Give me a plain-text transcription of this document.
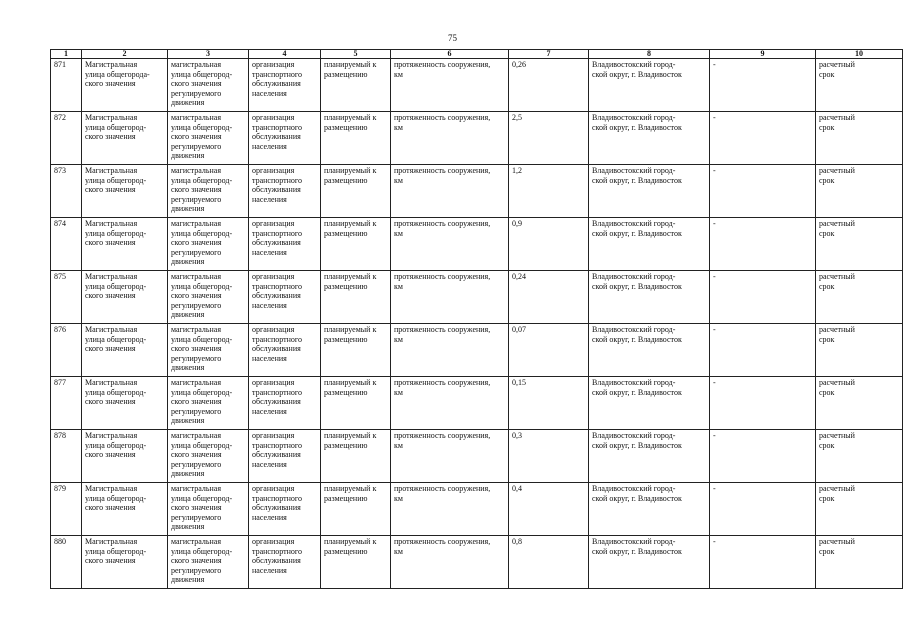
75
1	2	3	4	5	6	7	8	9	10
871	Магистральная
улица общегорода-
ского значения	магистральная
улица общегород-
ского значения
регулируемого
движения	организация
транспортного
обслуживания
населения	планируемый к
размещению	протяженность сооружения,
км	0,26	Владивостокский город-
ской округ, г. Владивосток	-	расчетный
срок

872	Магистральная
улица общегород-
ского значения	магистральная
улица общегород-
ского значения
регулируемого
движения	организация
транспортного
обслуживания
населения	планируемый к
размещению	протяженность сооружения,
км	2,5	Владивостокский город-
ской округ, г. Владивосток	-	расчетный
срок

873	Магистральная
улица общегород-
ского значения	магистральная
улица общегород-
ского значения
регулируемого
движения	организация
транспортного
обслуживания
населения	планируемый к
размещению	протяженность сооружения,
км	1,2	Владивостокский город-
ской округ, г. Владивосток	-	расчетный
срок

874	Магистральная
улица общегород-
ского значения	магистральная
улица общегород-
ского значения
регулируемого
движения	организация
транспортного
обслуживания
населения	планируемый к
размещению	протяженность сооружения,
км	0,9	Владивостокский город-
ской округ, г. Владивосток	-	расчетный
срок

875	Магистральная
улица общегород-
ского значения	магистральная
улица общегород-
ского значения
регулируемого
движения	организация
транспортного
обслуживания
населения	планируемый к
размещению	протяженность сооружения,
км	0,24	Владивостокский город-
ской округ, г. Владивосток	-	расчетный
срок

876	Магистральная
улица общегород-
ского значения	магистральная
улица общегород-
ского значения
регулируемого
движения	организация
транспортного
обслуживания
населения	планируемый к
размещению	протяженность сооружения,
км	0,07	Владивостокский город-
ской округ, г. Владивосток	-	расчетный
срок

877	Магистральная
улица общегород-
ского значения	магистральная
улица общегород-
ского значения
регулируемого
движения	организация
транспортного
обслуживания
населения	планируемый к
размещению	протяженность сооружения,
км	0,15	Владивостокский город-
ской округ, г. Владивосток	-	расчетный
срок

878	Магистральная
улица общегород-
ского значения	магистральная
улица общегород-
ского значения
регулируемого
движения	организация
транспортного
обслуживания
населения	планируемый к
размещению	протяженность сооружения,
км	0,3	Владивостокский город-
ской округ, г. Владивосток	-	расчетный
срок

879	Магистральная
улица общегород-
ского значения	магистральная
улица общегород-
ского значения
регулируемого
движения	организация
транспортного
обслуживания
населения	планируемый к
размещению	протяженность сооружения,
км	0,4	Владивостокский город-
ской округ, г. Владивосток	-	расчетный
срок

880	Магистральная
улица общегород-
ского значения	магистральная
улица общегород-
ского значения
регулируемого
движения	организация
транспортного
обслуживания
населения	планируемый к
размещению	протяженность сооружения,
км	0,8	Владивостокский город-
ской округ, г. Владивосток	-	расчетный
срок
